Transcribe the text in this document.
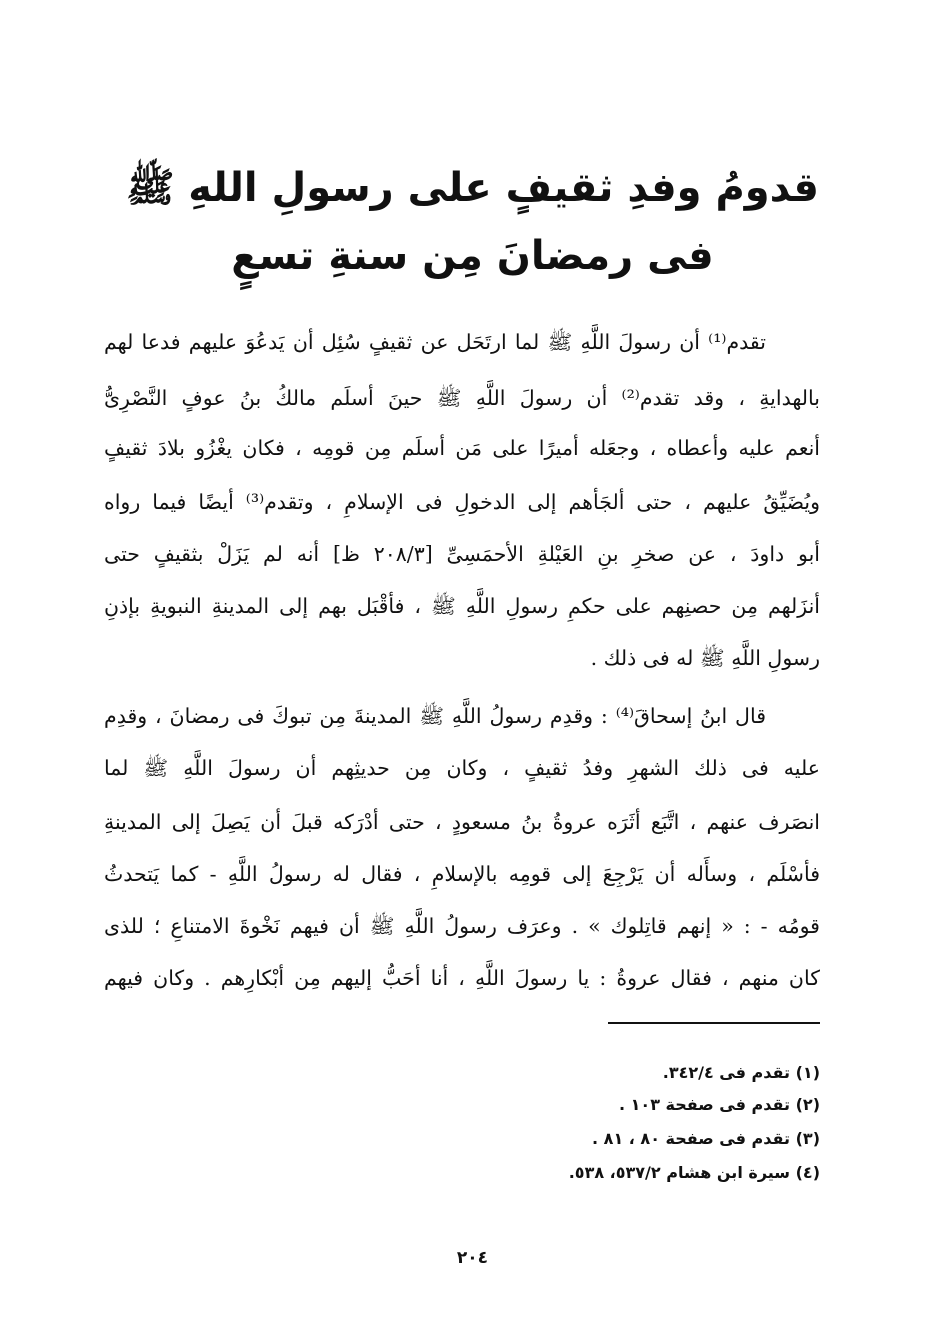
قدومُ وفدِ ثقيفٍ على رسولِ اللهِ ﷺ
فى رمضانَ مِن سنةِ تسعٍ
تقدم⁽¹⁾ أن رسولَ اللَّهِ ﷺ لما ارتَحَل عن ثقيفٍ سُئِل أن يَدعُوَ عليهم فدعا لهم
بالهدايةِ ، وقد تقدم⁽²⁾ أن رسولَ اللَّهِ ﷺ حينَ أسلَم مالكُ بنُ عوفٍ النَّصْرِىُّ
أنعم عليه وأعطاه ، وجعَله أميرًا على مَن أسلَم مِن قومِه ، فكان يغْزُو بلادَ ثقيفٍ
ويُضَيِّقُ عليهم ، حتى ألجَأهم إلى الدخولِ فى الإسلامِ ، وتقدم⁽³⁾ أيضًا فيما رواه
أبو داودَ ، عن صخرِ بنِ العَيْلةِ الأحمَسِىِّ [٢٠٨/٣ ظ] أنه لم يَزَلْ بثقيفٍ حتى
أنزَلهم مِن حصنِهم على حكمِ رسولِ اللَّهِ ﷺ ، فأقْبَل بهم إلى المدينةِ النبويةِ بإذنِ
رسولِ اللَّهِ ﷺ له فى ذلك .
قال ابنُ إسحاقَ⁽⁴⁾ : وقدِم رسولُ اللَّهِ ﷺ المدينةَ مِن تبوكَ فى رمضانَ ، وقدِم
عليه فى ذلك الشهرِ وفدُ ثقيفٍ ، وكان مِن حديثِهم أن رسولَ اللَّهِ ﷺ لما
انصَرف عنهم ، اتَّبَع أثَرَه عروةُ بنُ مسعودٍ ، حتى أدْرَكه قبلَ أن يَصِلَ إلى المدينةِ
فأسْلَم ، وسأَله أن يَرْجِعَ إلى قومِه بالإسلامِ ، فقال له رسولُ اللَّهِ - كما يَتحدثُ
قومُه - : « إنهم قاتِلوك » . وعرَف رسولُ اللَّهِ ﷺ أن فيهم نَخْوةَ الامتناعِ ؛ للذى
كان منهم ، فقال عروةُ : يا رسولَ اللَّهِ ، أنا أحَبُّ إليهم مِن أبْكارِهم . وكان فيهم
(١) تقدم فى ٣٤٢/٤.
(٢) تقدم فى صفحة ١٠٣ .
(٣) تقدم فى صفحة ٨٠ ، ٨١ .
(٤) سيرة ابن هشام ٥٣٧/٢، ٥٣٨.
٢٠٤
